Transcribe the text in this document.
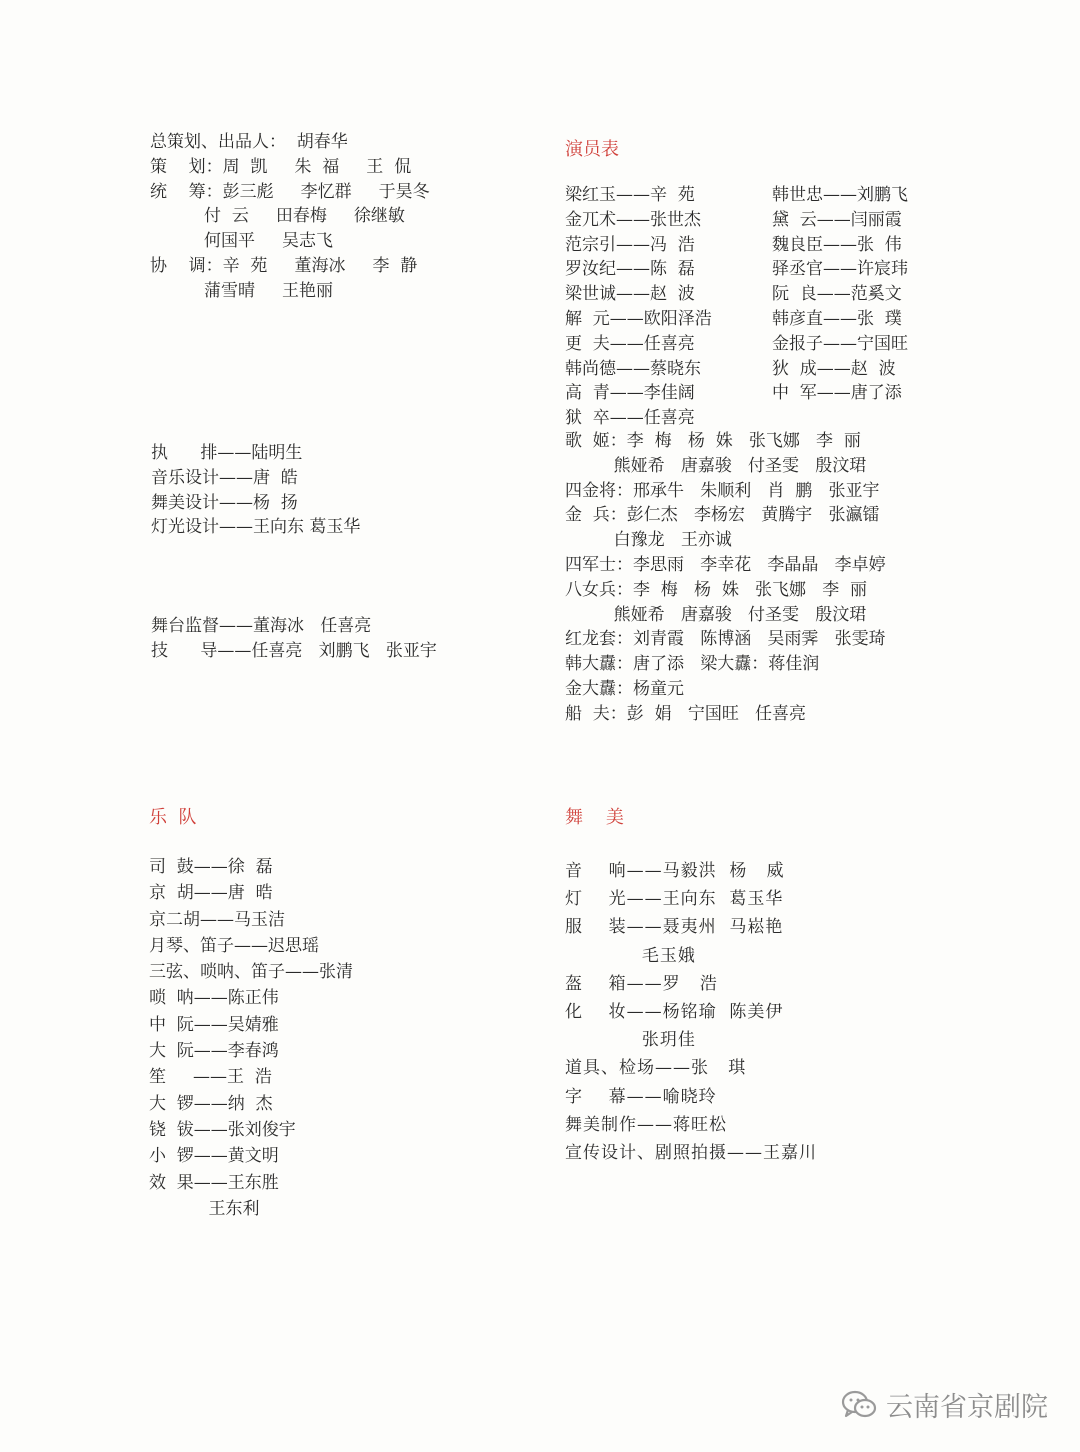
总策划、出品人：  胡春华
策    划：周  凯     朱  福     王  侃
统    筹：彭三彪     李忆群     于昊冬
付  云     田春梅     徐继敏
何国平     吴志飞
协    调：辛  苑     董海冰     李  静
蒲雪晴     王艳丽
执      排——陆明生
音乐设计——唐  皓
舞美设计——杨  扬
灯光设计——王向东 葛玉华
舞台监督——董海冰   任喜亮
技      导——任喜亮   刘鹏飞   张亚宇
演员表
梁红玉——辛  苑
金兀术——张世杰
范宗引——冯  浩
罗汝纪——陈  磊
梁世诚——赵  波
解  元——欧阳泽浩
更  夫——任喜亮
韩尚德——蔡晓东
高  青——李佳阔
狱  卒——任喜亮
韩世忠——刘鹏飞
黛  云——闫丽霞
魏良臣——张  伟
驿丞官——许宸玮
阮  良——范奚文
韩彦直——张  璞
金报子——宁国旺
狄  成——赵  波
中  军——唐了添
歌  姬：李  梅   杨  姝   张飞娜   李  丽
熊娅希   唐嘉骏   付圣雯   殷汶珺
四金将：邢承牛   朱顺利   肖  鹏   张亚宇
金  兵：彭仁杰   李杨宏   黄腾宇   张瀛镭
白豫龙   王亦诚
四军士：李思雨   李幸花   李晶晶   李卓婷
八女兵：李  梅   杨  姝   张飞娜   李  丽
熊娅希   唐嘉骏   付圣雯   殷汶珺
红龙套：刘青霞   陈博涵   吴雨霁   张雯琦
韩大纛：唐了添   梁大纛：蒋佳润
金大纛：杨童元
船  夫：彭  娟   宁国旺   任喜亮
乐  队
司  鼓——徐  磊
京  胡——唐  晧
京二胡——马玉洁
月琴、笛子——迟思瑶
三弦、唢呐、笛子——张清
唢  呐——陈正伟
中  阮——吴婧雅
大  阮——李春鸿
笙     ——王  浩
大  锣——纳  杰
铙  钹——张刘俊宇
小  锣——黄文明
效  果——王东胜
王东利
舞    美
音    响——马毅洪  杨   威
灯    光——王向东  葛玉华
服    装——聂夷州  马崧艳
毛玉娥
盔    箱——罗   浩
化    妆——杨铭瑜  陈美伊
张玥佳
道具、检场——张   琪
字    幕——喻晓玲
舞美制作——蒋旺松
宣传设计、剧照拍摄——王嘉川
云南省京剧院
